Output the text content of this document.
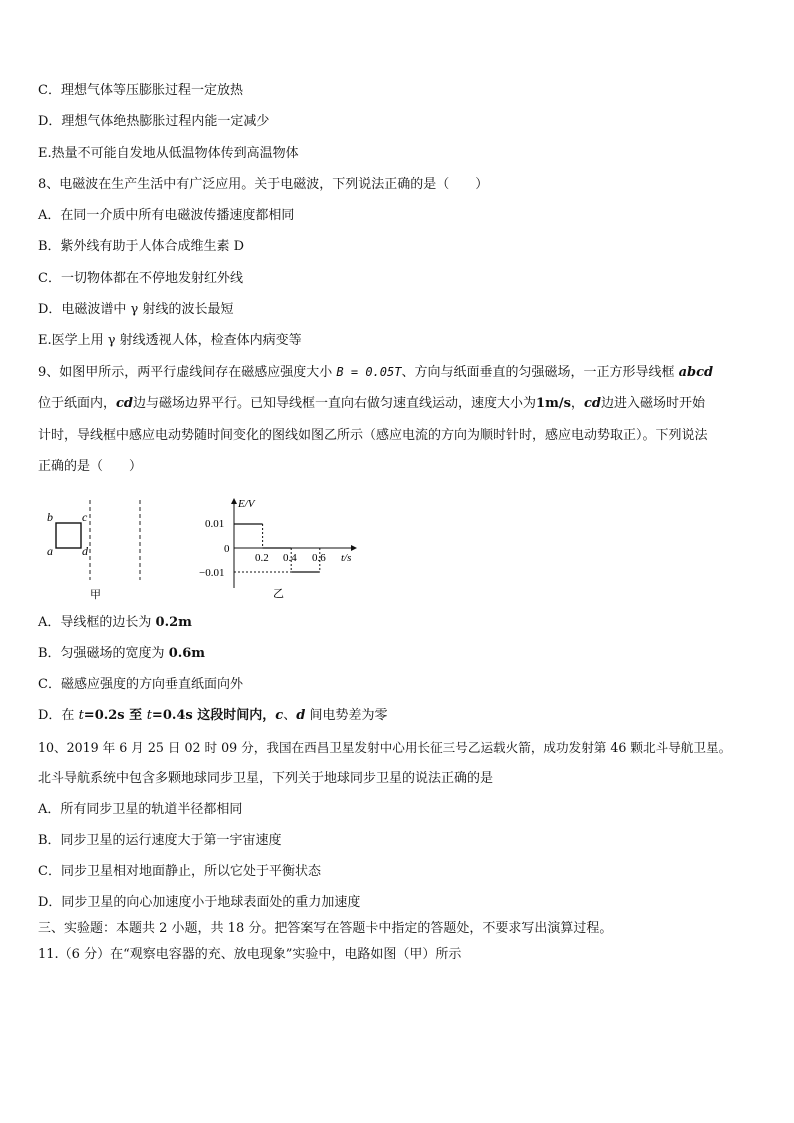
C．理想气体等压膨胀过程一定放热
D．理想气体绝热膨胀过程内能一定减少
E.热量不可能自发地从低温物体传到高温物体
8、电磁波在生产生活中有广泛应用。关于电磁波，下列说法正确的是（　　）
A．在同一介质中所有电磁波传播速度都相同
B．紫外线有助于人体合成维生素 D
C．一切物体都在不停地发射红外线
D．电磁波谱中 γ 射线的波长最短
E.医学上用 γ 射线透视人体，检查体内病变等
9、如图甲所示，两平行虚线间存在磁感应强度大小 B = 0.05T、方向与纸面垂直的匀强磁场，一正方形导线框 abcd
位于纸面内，cd边与磁场边界平行。已知导线框一直向右做匀速直线运动，速度大小为1m/s，cd边进入磁场时开始
计时，导线框中感应电动势随时间变化的图线如图乙所示（感应电流的方向为顺时针时，感应电动势取正）。下列说法
正确的是（　　）
b
a
c
d
甲
E/V
t/s
0
0.01
−0.01
0.2 0.4 0.6
乙
A．导线框的边长为 0.2m
B．匀强磁场的宽度为 0.6m
C．磁感应强度的方向垂直纸面向外
D．在 t=0.2s 至 t=0.4s 这段时间内，c、d 间电势差为零
10、2019 年 6 月 25 日 02 时 09 分，我国在西昌卫星发射中心用长征三号乙运载火箭，成功发射第 46 颗北斗导航卫星。
北斗导航系统中包含多颗地球同步卫星，下列关于地球同步卫星的说法正确的是
A．所有同步卫星的轨道半径都相同
B．同步卫星的运行速度大于第一宇宙速度
C．同步卫星相对地面静止，所以它处于平衡状态
D．同步卫星的向心加速度小于地球表面处的重力加速度
三、实验题：本题共 2 小题，共 18 分。把答案写在答题卡中指定的答题处，不要求写出演算过程。
11.（6 分）在“观察电容器的充、放电现象”实验中，电路如图（甲）所示
